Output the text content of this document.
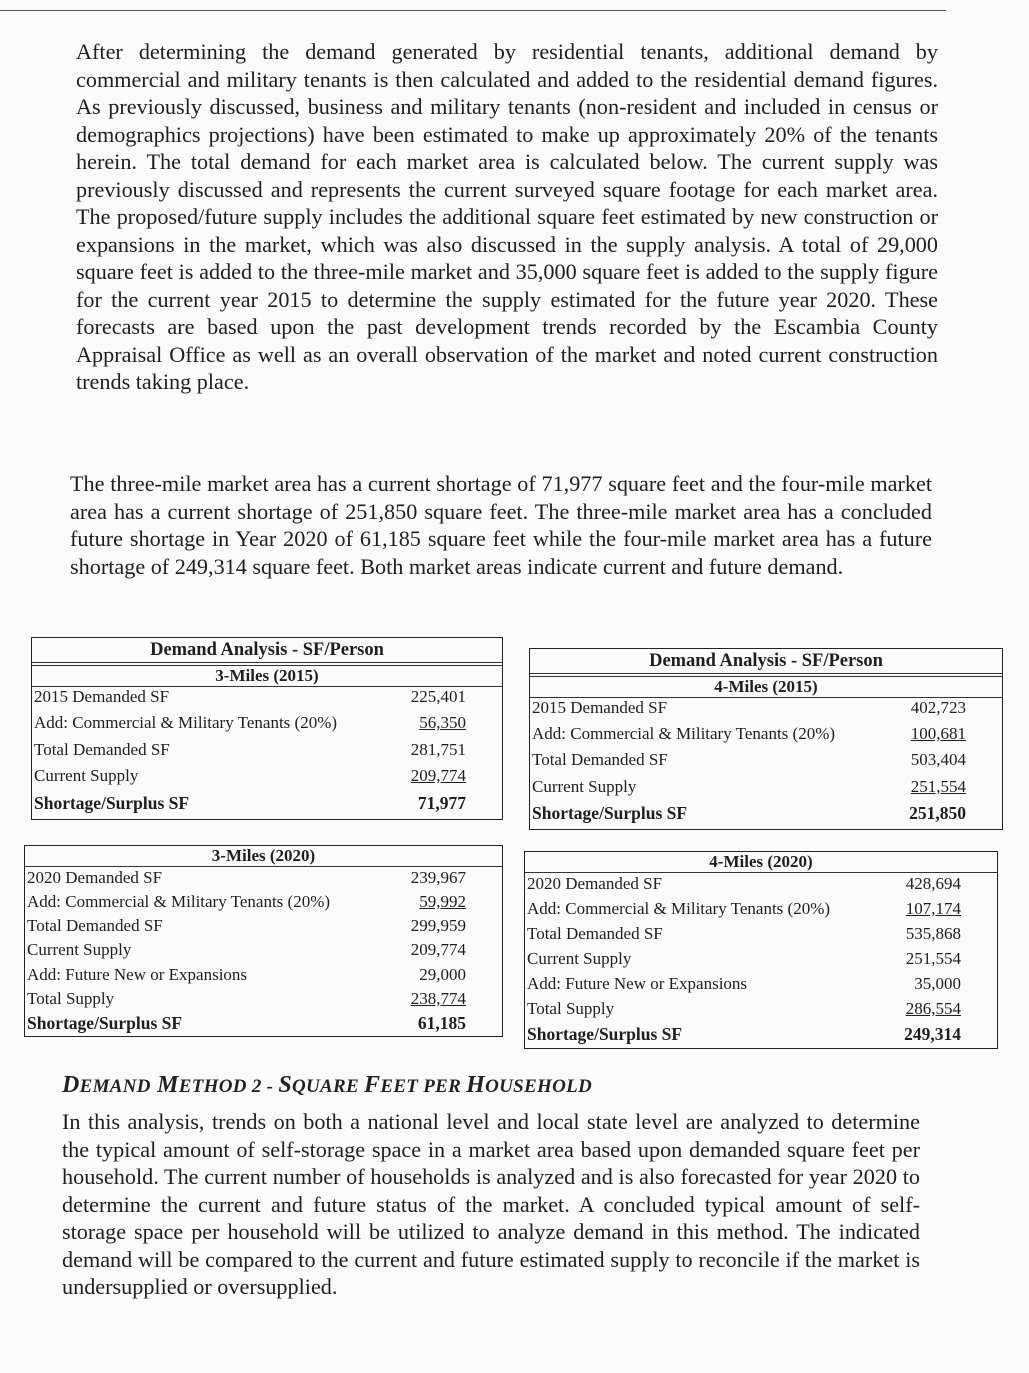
After determining the demand generated by residential tenants, additional demand by commercial and military tenants is then calculated and added to the residential demand figures. As previously discussed, business and military tenants (non-resident and included in census or demographics projections) have been estimated to make up approximately 20% of the tenants herein. The total demand for each market area is calculated below. The current supply was previously discussed and represents the current surveyed square footage for each market area. The proposed/future supply includes the additional square feet estimated by new construction or expansions in the market, which was also discussed in the supply analysis. A total of 29,000 square feet is added to the three-mile market and 35,000 square feet is added to the supply figure for the current year 2015 to determine the supply estimated for the future year 2020. These forecasts are based upon the past development trends recorded by the Escambia County Appraisal Office as well as an overall observation of the market and noted current construction trends taking place.

The three-mile market area has a current shortage of 71,977 square feet and the four-mile market area has a current shortage of 251,850 square feet. The three-mile market area has a concluded future shortage in Year 2020 of 61,185 square feet while the four-mile market area has a future shortage of 249,314 square feet. Both market areas indicate current and future demand.

Demand Analysis - SF/Person
3-Miles (2015)
2015 Demanded SF	225,401
Add: Commercial & Military Tenants (20%)	56,350
Total Demanded SF	281,751
Current Supply	209,774
Shortage/Surplus SF	71,977
Demand Analysis - SF/Person
4-Miles (2015)
2015 Demanded SF	402,723
Add: Commercial & Military Tenants (20%)	100,681
Total Demanded SF	503,404
Current Supply	251,554
Shortage/Surplus SF	251,850
3-Miles (2020)
2020 Demanded SF	239,967
Add: Commercial & Military Tenants (20%)	59,992
Total Demanded SF	299,959
Current Supply	209,774
Add: Future New or Expansions	29,000
Total Supply	238,774
Shortage/Surplus SF	61,185
4-Miles (2020)
2020 Demanded SF	428,694
Add: Commercial & Military Tenants (20%)	107,174
Total Demanded SF	535,868
Current Supply	251,554
Add: Future New or Expansions	35,000
Total Supply	286,554
Shortage/Surplus SF	249,314
DEMAND METHOD 2 - SQUARE FEET PER HOUSEHOLD

In this analysis, trends on both a national level and local state level are analyzed to determine the typical amount of self-storage space in a market area based upon demanded square feet per household. The current number of households is analyzed and is also forecasted for year 2020 to determine the current and future status of the market. A concluded typical amount of self-storage space per household will be utilized to analyze demand in this method. The indicated demand will be compared to the current and future estimated supply to reconcile if the market is undersupplied or oversupplied.
